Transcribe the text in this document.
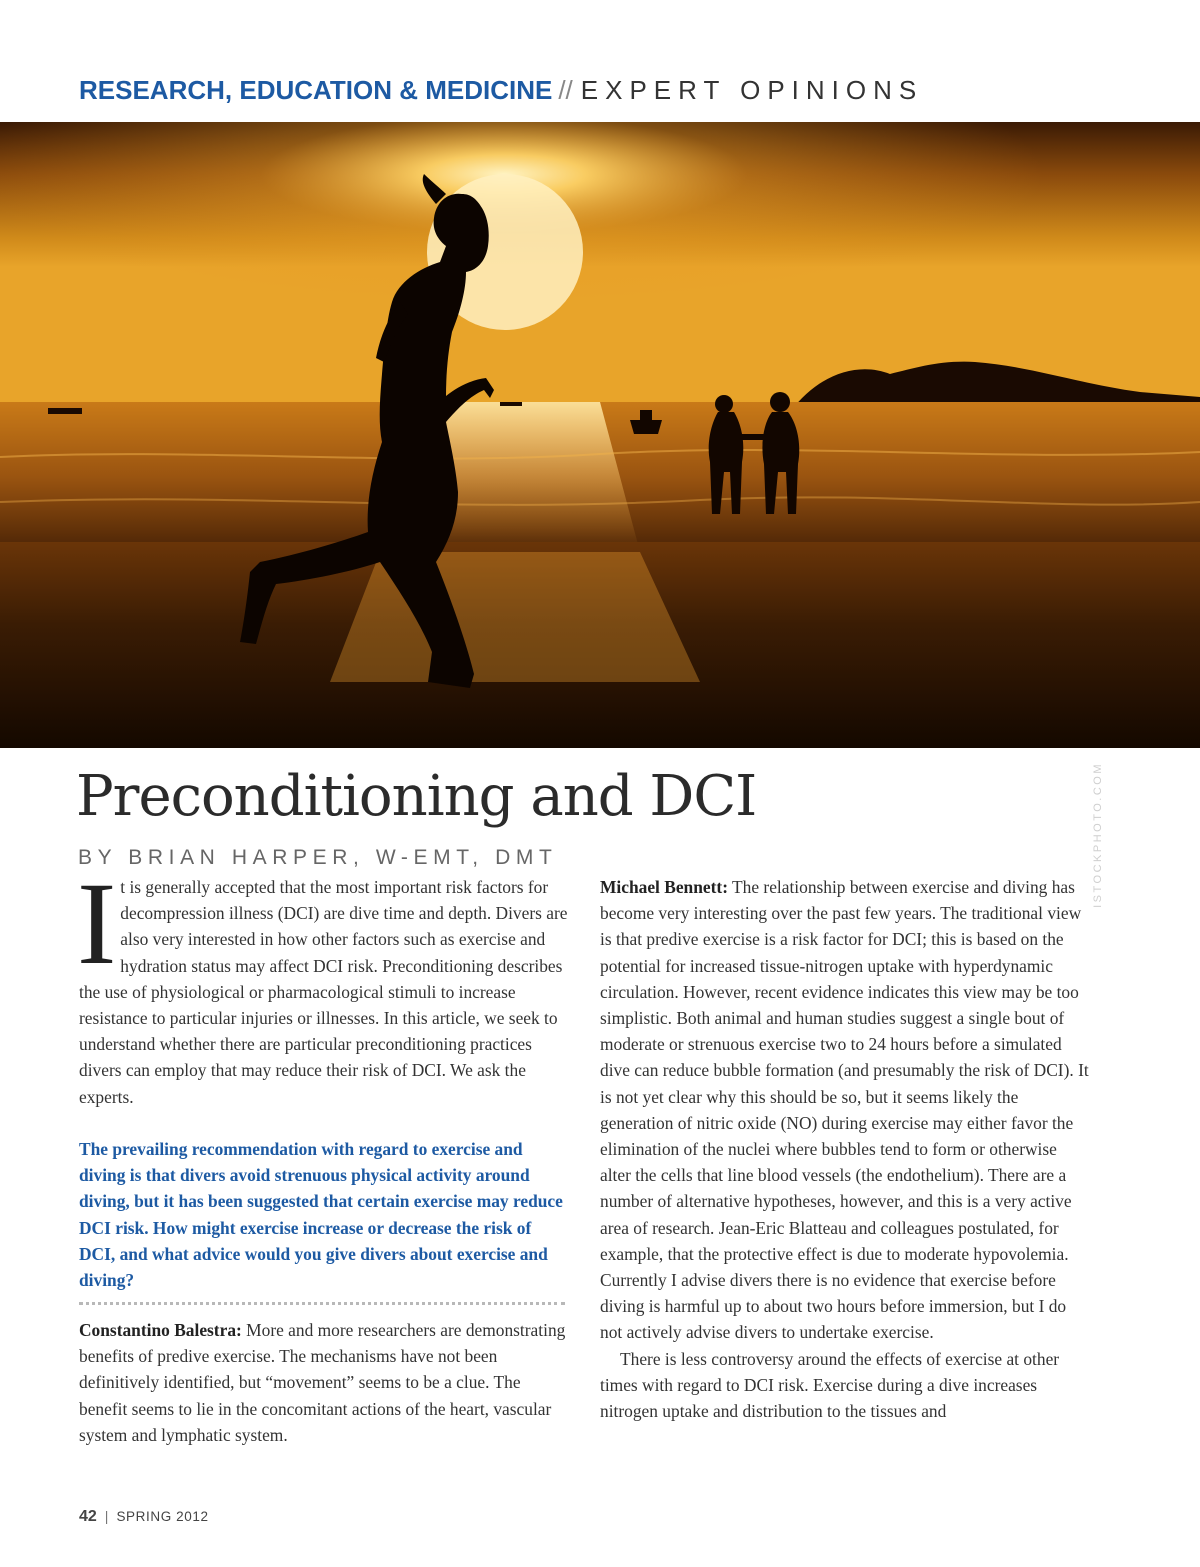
RESEARCH, EDUCATION & MEDICINE // EXPERT OPINIONS
ISTOCKPHOTO.COM
Preconditioning and DCI
BY BRIAN HARPER, W-EMT, DMT
I t is generally accepted that the most important risk factors for decompression illness (DCI) are dive time and depth. Divers are also very interested in how other factors such as exercise and hydration status may affect DCI risk. Preconditioning describes the use of physiological or pharmacological stimuli to increase resistance to particular injuries or illnesses. In this article, we seek to understand whether there are particular preconditioning practices divers can employ that may reduce their risk of DCI. We ask the experts.

The prevailing recommendation with regard to exercise and diving is that divers avoid strenuous physical activity around diving, but it has been suggested that certain exercise may reduce DCI risk. How might exercise increase or decrease the risk of DCI, and what advice would you give divers about exercise and diving?

Constantino Balestra: More and more researchers are demonstrating benefits of predive exercise. The mechanisms have not been definitively identified, but “movement” seems to be a clue. The benefit seems to lie in the concomitant actions of the heart, vascular system and lymphatic system.

Michael Bennett: The relationship between exercise and diving has become very interesting over the past few years. The traditional view is that predive exercise is a risk factor for DCI; this is based on the potential for increased tissue-nitrogen uptake with hyperdynamic circulation. However, recent evidence indicates this view may be too simplistic. Both animal and human studies suggest a single bout of moderate or strenuous exercise two to 24 hours before a simulated dive can reduce bubble formation (and presumably the risk of DCI). It is not yet clear why this should be so, but it seems likely the generation of nitric oxide (NO) during exercise may either favor the elimination of the nuclei where bubbles tend to form or otherwise alter the cells that line blood vessels (the endothelium). There are a number of alternative hypotheses, however, and this is a very active area of research. Jean-Eric Blatteau and colleagues postulated, for example, that the protective effect is due to moderate hypovolemia. Currently I advise divers there is no evidence that exercise before diving is harmful up to about two hours before immersion, but I do not actively advise divers to undertake exercise.

There is less controversy around the effects of exercise at other times with regard to DCI risk. Exercise during a dive increases nitrogen uptake and distribution to the tissues and

42 | SPRING 2012
